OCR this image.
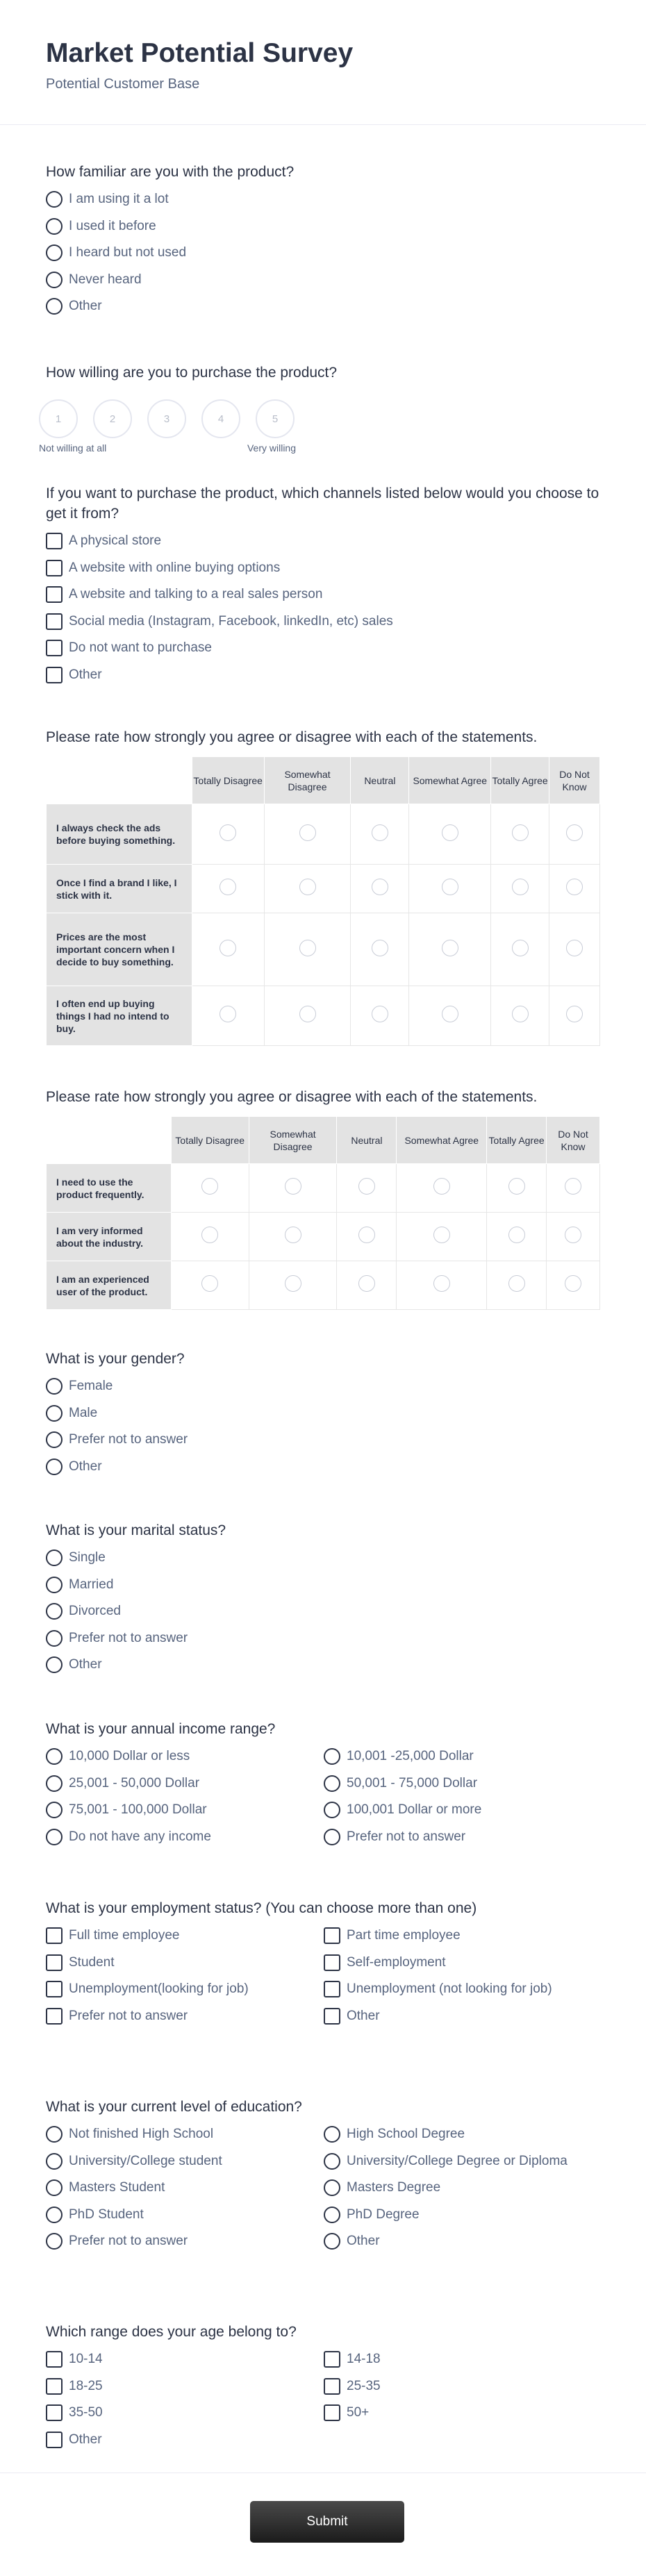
Market Potential Survey
Potential Customer Base
How familiar are you with the product?
I am using it a lot
I used it before
I heard but not used
Never heard
Other
How willing are you to purchase the product?
1	2	3	4	5
Not willing at all	Very willing
If you want to purchase the product, which channels listed below would you choose to get it from?
A physical store
A website with online buying options
A website and talking to a real sales person
Social media (Instagram, Facebook, linkedIn, etc) sales
Do not want to purchase
Other
Please rate how strongly you agree or disagree with each of the statements.
	Totally Disagree	Somewhat Disagree	Neutral	Somewhat Agree	Totally Agree	Do Not Know
I always check the ads before buying something.						
Once I find a brand I like, I stick with it.						
Prices are the most important concern when I decide to buy something.						
I often end up buying things I had no intend to buy.						
Please rate how strongly you agree or disagree with each of the statements.
	Totally Disagree	Somewhat Disagree	Neutral	Somewhat Agree	Totally Agree	Do Not Know
I need to use the product frequently.						
I am very informed about the industry.						
I am an experienced user of the product.						
What is your gender?
Female
Male
Prefer not to answer
Other
What is your marital status?
Single
Married
Divorced
Prefer not to answer
Other
What is your annual income range?
10,000 Dollar or less	10,001 -25,000 Dollar
25,001 - 50,000 Dollar	50,001 - 75,000 Dollar
75,001 - 100,000 Dollar	100,001 Dollar or more
Do not have any income	Prefer not to answer
What is your employment status? (You can choose more than one)
Full time employee	Part time employee
Student	Self-employment
Unemployment(looking for job)	Unemployment (not looking for job)
Prefer not to answer	Other
What is your current level of education?
Not finished High School	High School Degree
University/College student	University/College Degree or Diploma
Masters Student	Masters Degree
PhD Student	PhD Degree
Prefer not to answer	Other
Which range does your age belong to?
10-14	14-18
18-25	25-35
35-50	50+
Other
Submit
